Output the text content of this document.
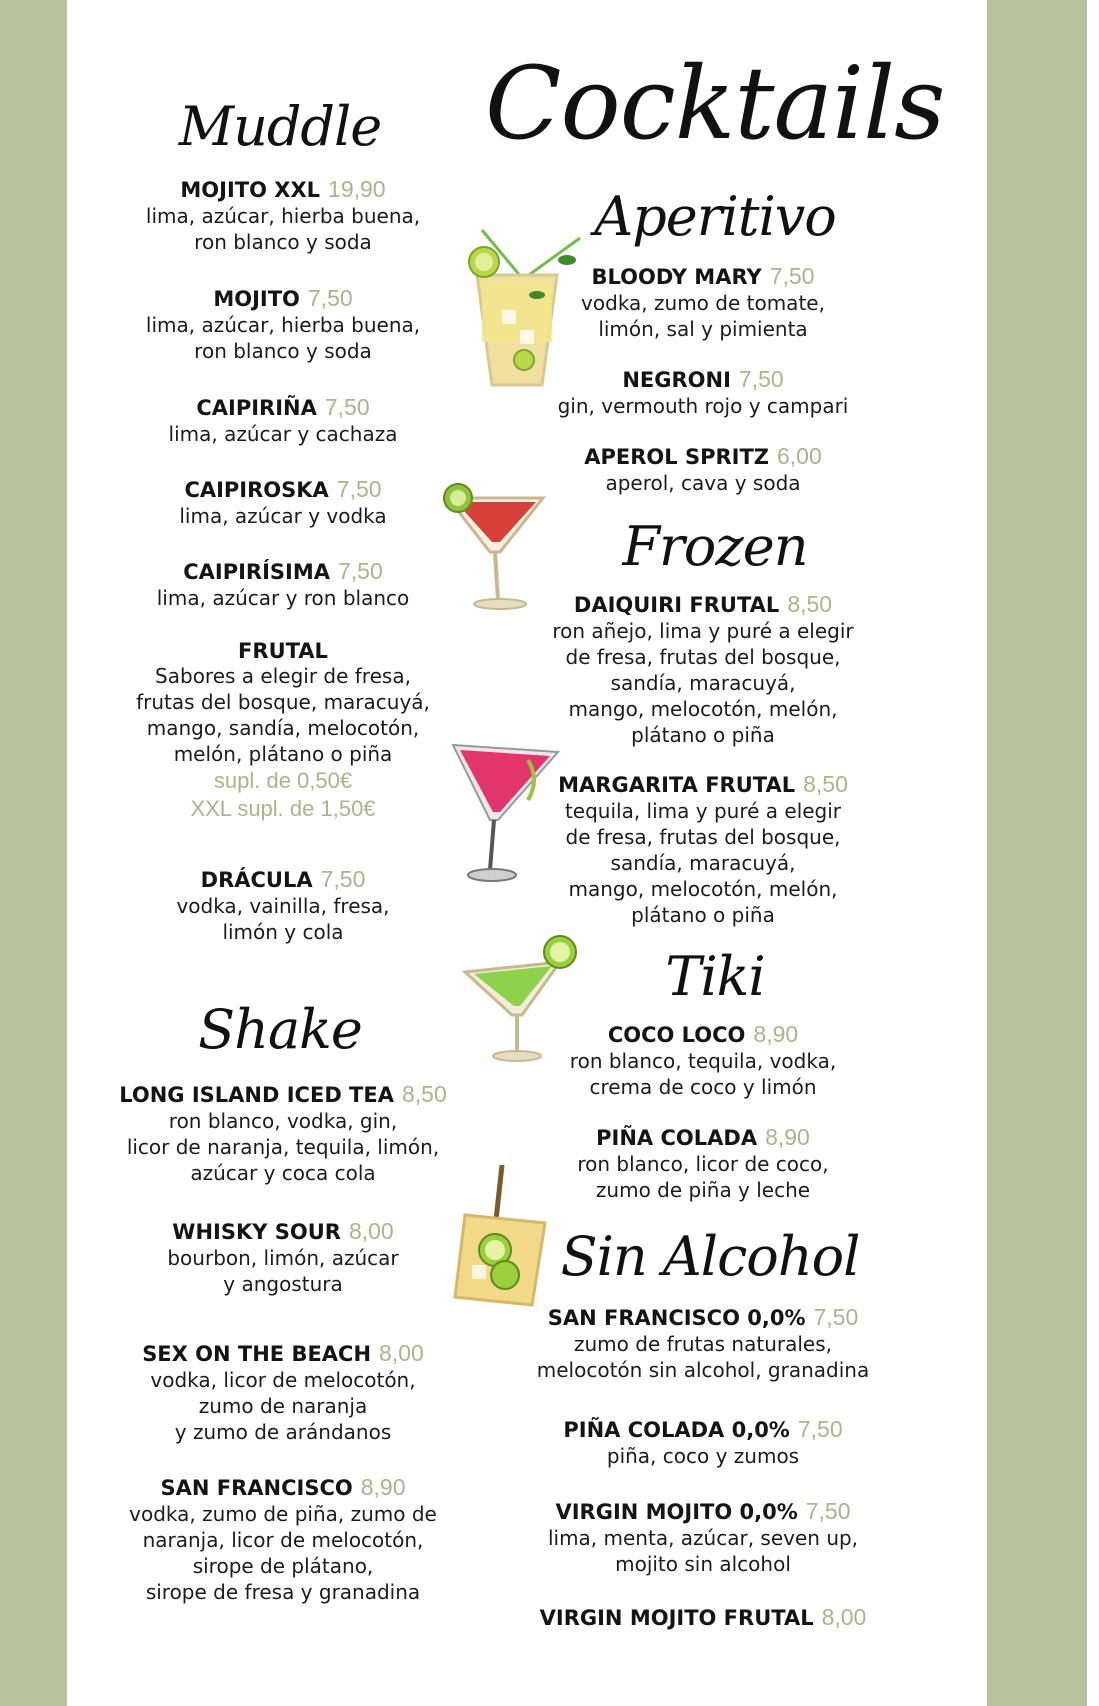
Cocktails
Muddle
Shake
Aperitivo
Frozen
Tiki
Sin Alcohol
MOJITO XXL 19,90
lima, azúcar, hierba buena,
ron blanco y soda
MOJITO 7,50
lima, azúcar, hierba buena,
ron blanco y soda
CAIPIRIÑA 7,50
lima, azúcar y cachaza
CAIPIROSKA 7,50
lima, azúcar y vodka
CAIPIRÍSIMA 7,50
lima, azúcar y ron blanco
FRUTAL
Sabores a elegir de fresa,
frutas del bosque, maracuyá,
mango, sandía, melocotón,
melón, plátano o piña
supl. de 0,50€
XXL supl. de 1,50€
DRÁCULA 7,50
vodka, vainilla, fresa,
limón y cola
LONG ISLAND ICED TEA 8,50
ron blanco, vodka, gin,
licor de naranja, tequila, limón,
azúcar y coca cola
WHISKY SOUR 8,00
bourbon, limón, azúcar
y angostura
SEX ON THE BEACH 8,00
vodka, licor de melocotón,
zumo de naranja
y zumo de arándanos
SAN FRANCISCO 8,90
vodka, zumo de piña, zumo de
naranja, licor de melocotón,
sirope de plátano,
sirope de fresa y granadina
BLOODY MARY 7,50
vodka, zumo de tomate,
limón, sal y pimienta
NEGRONI 7,50
gin, vermouth rojo y campari
APEROL SPRITZ 6,00
aperol, cava y soda
DAIQUIRI FRUTAL 8,50
ron añejo, lima y puré a elegir
de fresa, frutas del bosque,
sandía, maracuyá,
mango, melocotón, melón,
plátano o piña
MARGARITA FRUTAL 8,50
tequila, lima y puré a elegir
de fresa, frutas del bosque,
sandía, maracuyá,
mango, melocotón, melón,
plátano o piña
COCO LOCO 8,90
ron blanco, tequila, vodka,
crema de coco y limón
PIÑA COLADA 8,90
ron blanco, licor de coco,
zumo de piña y leche
SAN FRANCISCO 0,0% 7,50
zumo de frutas naturales,
melocotón sin alcohol, granadina
PIÑA COLADA 0,0% 7,50
piña, coco y zumos
VIRGIN MOJITO 0,0% 7,50
lima, menta, azúcar, seven up,
mojito sin alcohol
VIRGIN MOJITO FRUTAL 8,00
